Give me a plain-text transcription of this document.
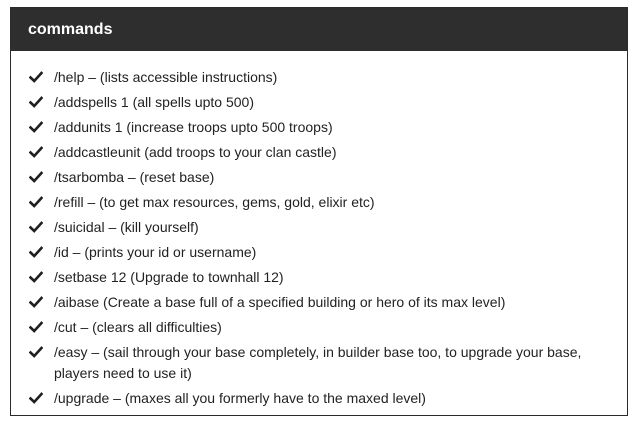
commands
/help – (lists accessible instructions)
/addspells 1 (all spells upto 500)
/addunits 1 (increase troops upto 500 troops)
/addcastleunit (add troops to your clan castle)
/tsarbomba – (reset base)
/refill – (to get max resources, gems, gold, elixir etc)
/suicidal – (kill yourself)
/id – (prints your id or username)
/setbase 12 (Upgrade to townhall 12)
/aibase (Create a base full of a specified building or hero of its max level)
/cut – (clears all difficulties)
/easy – (sail through your base completely, in builder base too, to upgrade your base, players need to use it)
/upgrade – (maxes all you formerly have to the maxed level)
